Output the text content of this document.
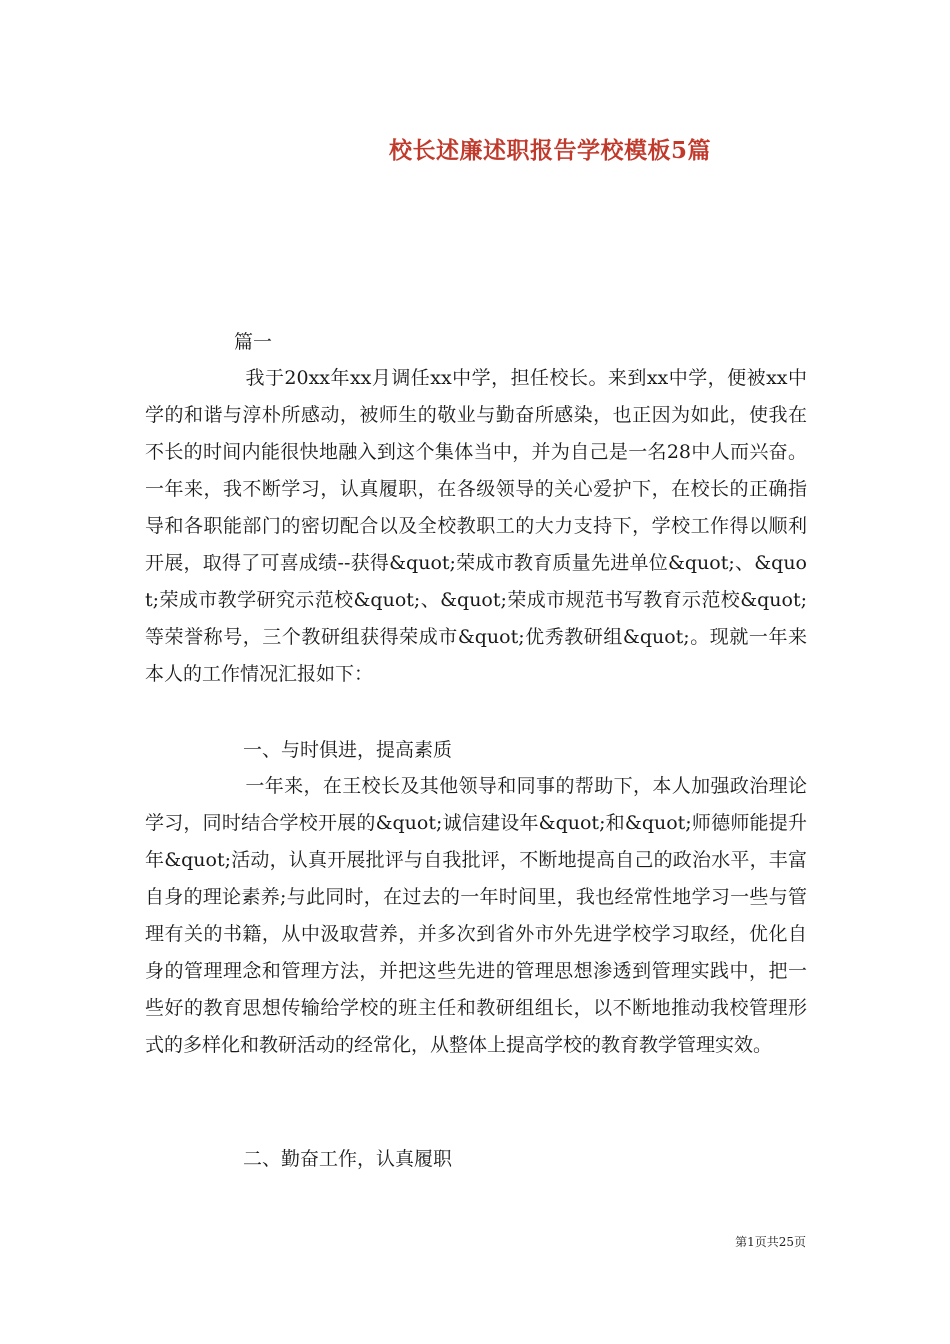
校长述廉述职报告学校模板5篇
篇一
我于20xx年xx月调任xx中学，担任校长。来到xx中学，便被xx中学的和谐与淳朴所感动，被师生的敬业与勤奋所感染，也正因为如此，使我在不长的时间内能很快地融入到这个集体当中，并为自己是一名28中人而兴奋。一年来，我不断学习，认真履职，在各级领导的关心爱护下，在校长的正确指导和各职能部门的密切配合以及全校教职工的大力支持下，学校工作得以顺利开展，取得了可喜成绩--获得&quot;荣成市教育质量先进单位&quot;、&quot;荣成市教学研究示范校&quot;、&quot;荣成市规范书写教育示范校&quot;等荣誉称号，三个教研组获得荣成市&quot;优秀教研组&quot;。现就一年来本人的工作情况汇报如下：
一、与时俱进，提高素质
一年来，在王校长及其他领导和同事的帮助下，本人加强政治理论学习，同时结合学校开展的&quot;诚信建设年&quot;和&quot;师德师能提升年&quot;活动，认真开展批评与自我批评，不断地提高自己的政治水平，丰富自身的理论素养;与此同时，在过去的一年时间里，我也经常性地学习一些与管理有关的书籍，从中汲取营养，并多次到省外市外先进学校学习取经，优化自身的管理理念和管理方法，并把这些先进的管理思想渗透到管理实践中，把一些好的教育思想传输给学校的班主任和教研组组长，以不断地推动我校管理形式的多样化和教研活动的经常化，从整体上提高学校的教育教学管理实效。
二、勤奋工作，认真履职
第1页共25页
